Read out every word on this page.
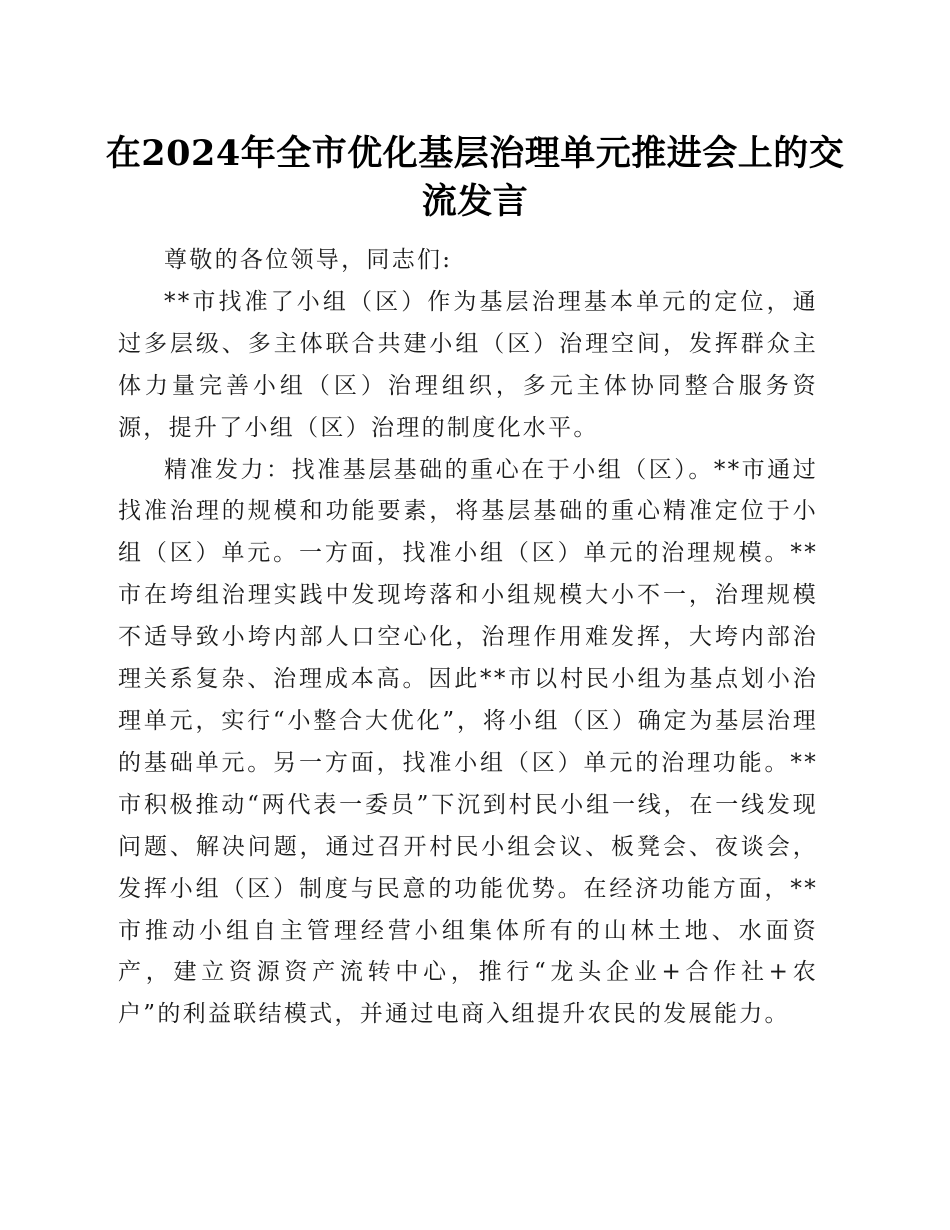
在2024年全市优化基层治理单元推进会上的交流发言

尊敬的各位领导，同志们:

**市找准了小组（区）作为基层治理基本单元的定位，通过多层级、多主体联合共建小组（区）治理空间，发挥群众主体力量完善小组（区）治理组织，多元主体协同整合服务资源，提升了小组（区）治理的制度化水平。

精准发力：找准基层基础的重心在于小组（区）。**市通过找准治理的规模和功能要素，将基层基础的重心精准定位于小组（区）单元。一方面，找准小组（区）单元的治理规模。**市在垮组治理实践中发现垮落和小组规模大小不一，治理规模不适导致小垮内部人口空心化，治理作用难发挥，大垮内部治理关系复杂、治理成本高。因此**市以村民小组为基点划小治理单元，实行“小整合大优化”，将小组（区）确定为基层治理的基础单元。另一方面，找准小组（区）单元的治理功能。**市积极推动“两代表一委员”下沉到村民小组一线，在一线发现问题、解决问题，通过召开村民小组会议、板凳会、夜谈会，发挥小组（区）制度与民意的功能优势。在经济功能方面，**市推动小组自主管理经营小组集体所有的山林土地、水面资产，建立资源资产流转中心，推行“龙头企业+合作社+农户”的利益联结模式，并通过电商入组提升农民的发展能力。
